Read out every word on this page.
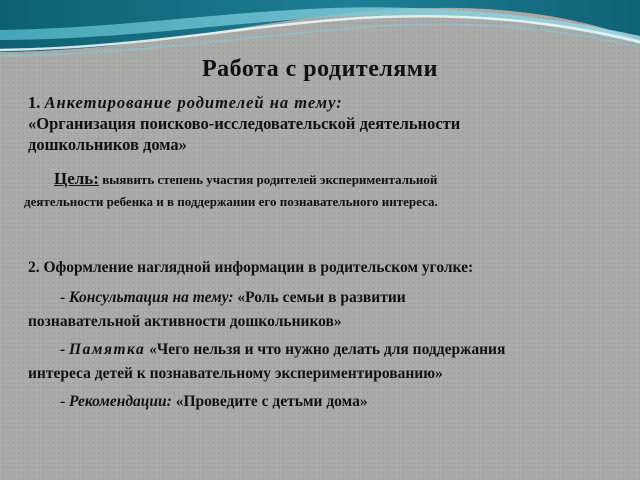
Работа с родителями
1. Анкетирование родителей на тему:
«Организация поисково-исследовательской деятельности
дошкольников дома»
Цель: выявить степень участия родителей экспериментальной
деятельности ребенка и в поддержании его познавательного интереса.
2. Оформление наглядной информации в родительском уголке:
- Консультация на тему: «Роль семьи в развитии
познавательной активности дошкольников»
- Памятка «Чего нельзя и что нужно делать для поддержания
интереса детей к познавательному экспериментированию»
- Рекомендации: «Проведите с детьми дома»
